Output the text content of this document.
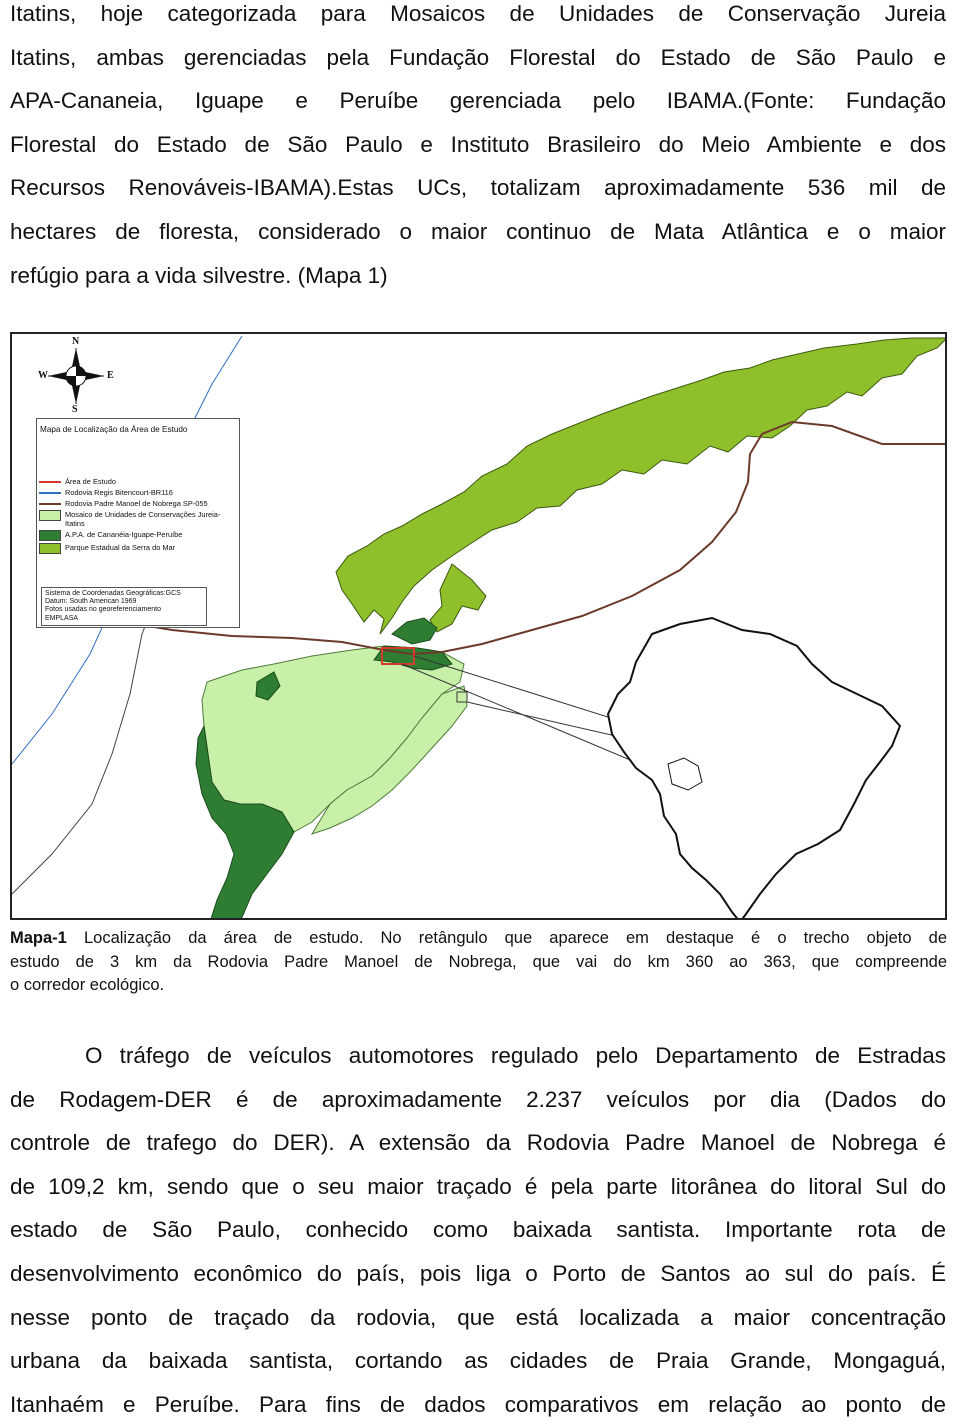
Itatins, hoje categorizada para Mosaicos de Unidades de Conservação Jureia
Itatins, ambas gerenciadas pela Fundação Florestal do Estado de São Paulo e
APA-Cananeia, Iguape e Peruíbe gerenciada pelo IBAMA.(Fonte: Fundação
Florestal do Estado de São Paulo e Instituto Brasileiro do Meio Ambiente e dos
Recursos Renováveis-IBAMA).Estas UCs, totalizam aproximadamente 536 mil de
hectares de floresta, considerado o maior continuo de Mata Atlântica e o maior
refúgio para a vida silvestre. (Mapa 1)
N
S
E
W
Mapa de Localização da Área de Estudo
Área de Estudo
Rodovia Regis Bitencourt-BR116
Rodovia Padre Manoel de Nobrega SP-055
Mosaico de Unidades de Conservações Jureia-Itatins
A.P.A. de Cananéia-Iguape-Peruíbe
Parque Estadual da Serra do Mar
Sistema de Coordenadas Geográficas:GCS
Datum: South American 1969
Fotos usadas no georeferenciamento
EMPLASA
Mapa-1 Localização da área de estudo. No retângulo que aparece em destaque é o trecho objeto de
estudo de 3 km da Rodovia Padre Manoel de Nobrega, que vai do km 360 ao 363, que compreende
o corredor ecológico.
O tráfego de veículos automotores regulado pelo Departamento de Estradas
de Rodagem-DER é de aproximadamente 2.237 veículos por dia (Dados do
controle de trafego do DER). A extensão da Rodovia Padre Manoel de Nobrega é
de 109,2 km, sendo que o seu maior traçado é pela parte litorânea do litoral Sul do
estado de São Paulo, conhecido como baixada santista. Importante rota de
desenvolvimento econômico do país, pois liga o Porto de Santos ao sul do país. É
nesse ponto de traçado da rodovia, que está localizada a maior concentração
urbana da baixada santista, cortando as cidades de Praia Grande, Mongaguá,
Itanhaém e Peruíbe. Para fins de dados comparativos em relação ao ponto de
